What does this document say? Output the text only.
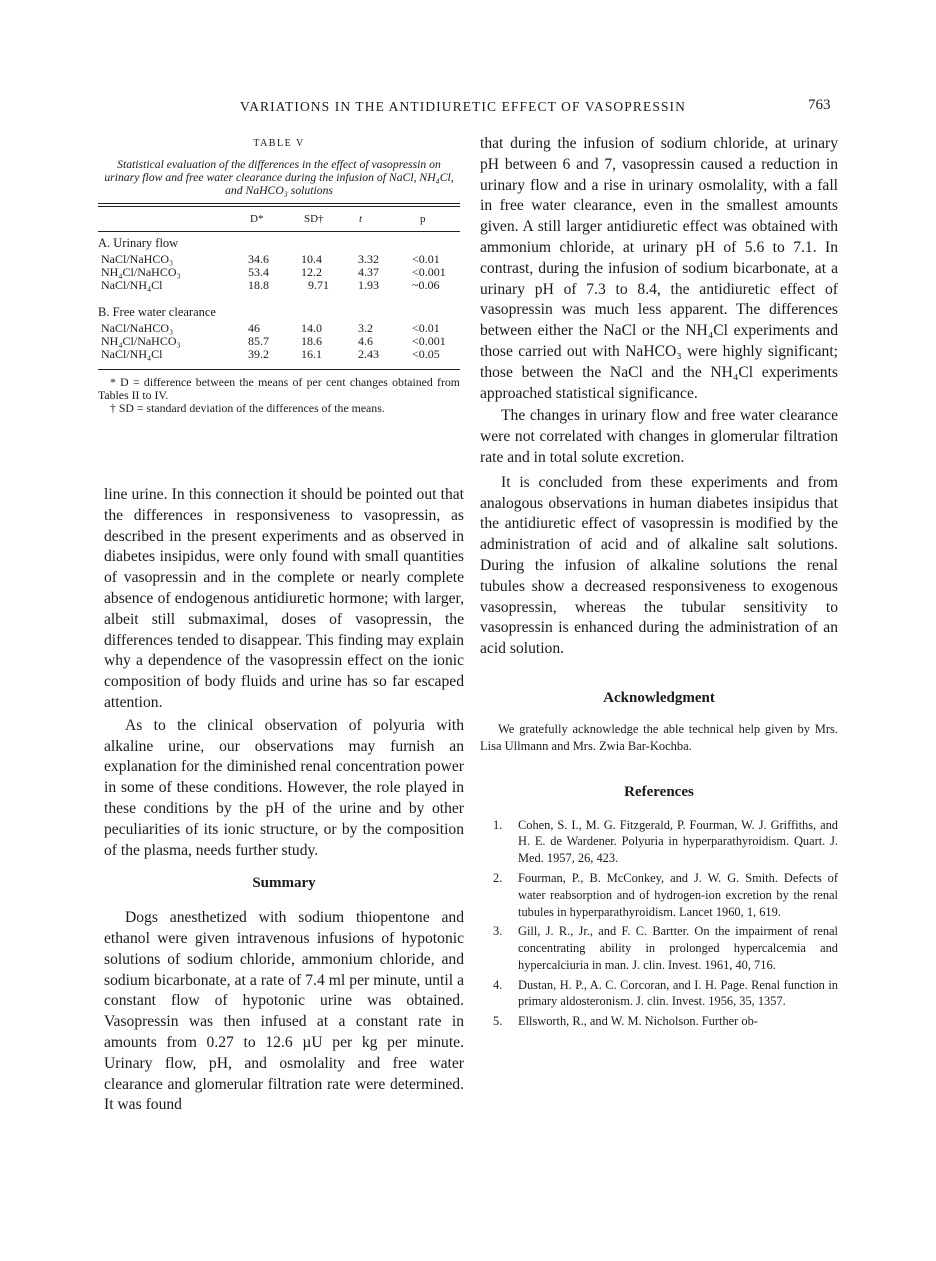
VARIATIONS IN THE ANTIDIURETIC EFFECT OF VASOPRESSIN	763
TABLE V
Statistical evaluation of the differences in the effect of vasopressin on urinary flow and free water clearance during the infusion of NaCl, NH₄Cl, and NaHCO₃ solutions
D*	SD†	t	p
A. Urinary flow
NaCl/NaHCO₃	34.6	10.4	3.32	<0.01
NH₄Cl/NaHCO₃	53.4	12.2	4.37	<0.001
NaCl/NH₄Cl	18.8	9.71 1.93	~0.06
B. Free water clearance
NaCl/NaHCO₃	46	14.0	3.2	<0.01
NH₄Cl/NaHCO₃	85.7	18.6	4.6	<0.001
NaCl/NH₄Cl	39.2	16.1	2.43	<0.05
* D = difference between the means of per cent changes obtained from Tables II to IV.
† SD = standard deviation of the differences of the means.

line urine. In this connection it should be pointed out that the differences in responsiveness to vasopressin, as described in the present experiments and as observed in diabetes insipidus, were only found with small quantities of vasopressin and in the complete or nearly complete absence of endogenous antidiuretic hormone; with larger, albeit still submaximal, doses of vasopressin, the differences tended to disappear. This finding may explain why a dependence of the vasopressin effect on the ionic composition of body fluids and urine has so far escaped attention.

As to the clinical observation of polyuria with alkaline urine, our observations may furnish an explanation for the diminished renal concentration power in some of these conditions. However, the role played in these conditions by the pH of the urine and by other peculiarities of its ionic structure, or by the composition of the plasma, needs further study.

Summary

Dogs anesthetized with sodium thiopentone and ethanol were given intravenous infusions of hypotonic solutions of sodium chloride, ammonium chloride, and sodium bicarbonate, at a rate of 7.4 ml per minute, until a constant flow of hypotonic urine was obtained. Vasopressin was then infused at a constant rate in amounts from 0.27 to 12.6 µU per kg per minute. Urinary flow, pH, and osmolality and free water clearance and glomerular filtration rate were determined. It was found

that during the infusion of sodium chloride, at urinary pH between 6 and 7, vasopressin caused a reduction in urinary flow and a rise in urinary osmolality, with a fall in free water clearance, even in the smallest amounts given. A still larger antidiuretic effect was obtained with ammonium chloride, at urinary pH of 5.6 to 7.1. In contrast, during the infusion of sodium bicarbonate, at a urinary pH of 7.3 to 8.4, the antidiuretic effect of vasopressin was much less apparent. The differences between either the NaCl or the NH₄Cl experiments and those carried out with NaHCO₃ were highly significant; those between the NaCl and the NH₄Cl experiments approached statistical significance.

The changes in urinary flow and free water clearance were not correlated with changes in glomerular filtration rate and in total solute excretion.

It is concluded from these experiments and from analogous observations in human diabetes insipidus that the antidiuretic effect of vasopressin is modified by the administration of acid and of alkaline salt solutions. During the infusion of alkaline solutions the renal tubules show a decreased responsiveness to exogenous vasopressin, whereas the tubular sensitivity to vasopressin is enhanced during the administration of an acid solution.

Acknowledgment
We gratefully acknowledge the able technical help given by Mrs. Lisa Ullmann and Mrs. Zwia Bar-Kochba.
References
1. Cohen, S. I., M. G. Fitzgerald, P. Fourman, W. J. Griffiths, and H. E. de Wardener. Polyuria in hyperparathyroidism. Quart. J. Med. 1957, 26, 423.
2. Fourman, P., B. McConkey, and J. W. G. Smith. Defects of water reabsorption and of hydrogen-ion excretion by the renal tubules in hyperparathyroidism. Lancet 1960, 1, 619.
3. Gill, J. R., Jr., and F. C. Bartter. On the impairment of renal concentrating ability in prolonged hypercalcemia and hypercalciuria in man. J. clin. Invest. 1961, 40, 716.
4. Dustan, H. P., A. C. Corcoran, and I. H. Page. Renal function in primary aldosteronism. J. clin. Invest. 1956, 35, 1357.
5. Ellsworth, R., and W. M. Nicholson. Further ob-
